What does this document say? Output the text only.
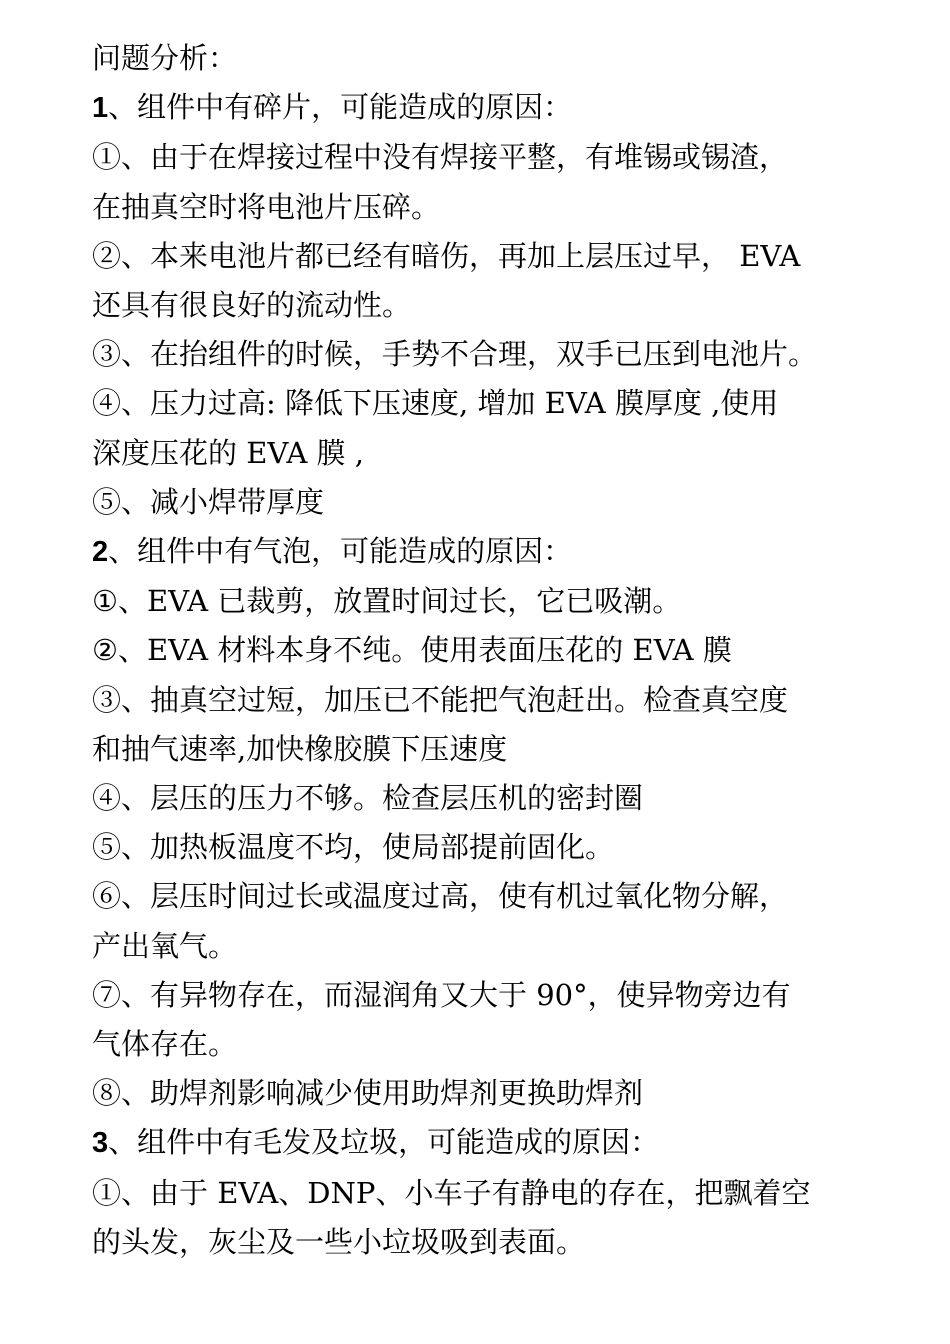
问题分析：
1、组件中有碎片，可能造成的原因：
①、由于在焊接过程中没有焊接平整，有堆锡或锡渣，
在抽真空时将电池片压碎。
②、本来电池片都已经有暗伤，再加上层压过早， EVA
还具有很良好的流动性。
③、在抬组件的时候，手势不合理，双手已压到电池片。
④、压力过高: 降低下压速度, 增加 EVA 膜厚度 ,使用
深度压花的 EVA 膜 ,
⑤、减小焊带厚度
2、组件中有气泡，可能造成的原因：
①、EVA 已裁剪，放置时间过长，它已吸潮。
②、EVA 材料本身不纯。使用表面压花的 EVA 膜
③、抽真空过短，加压已不能把气泡赶出。检查真空度
和抽气速率,加快橡胶膜下压速度
④、层压的压力不够。检查层压机的密封圈
⑤、加热板温度不均，使局部提前固化。
⑥、层压时间过长或温度过高，使有机过氧化物分解，
产出氧气。
⑦、有异物存在，而湿润角又大于 90°，使异物旁边有
气体存在。
⑧、助焊剂影响减少使用助焊剂更换助焊剂
3、组件中有毛发及垃圾，可能造成的原因：
①、由于 EVA、DNP、小车子有静电的存在，把飘着空
的头发，灰尘及一些小垃圾吸到表面。
